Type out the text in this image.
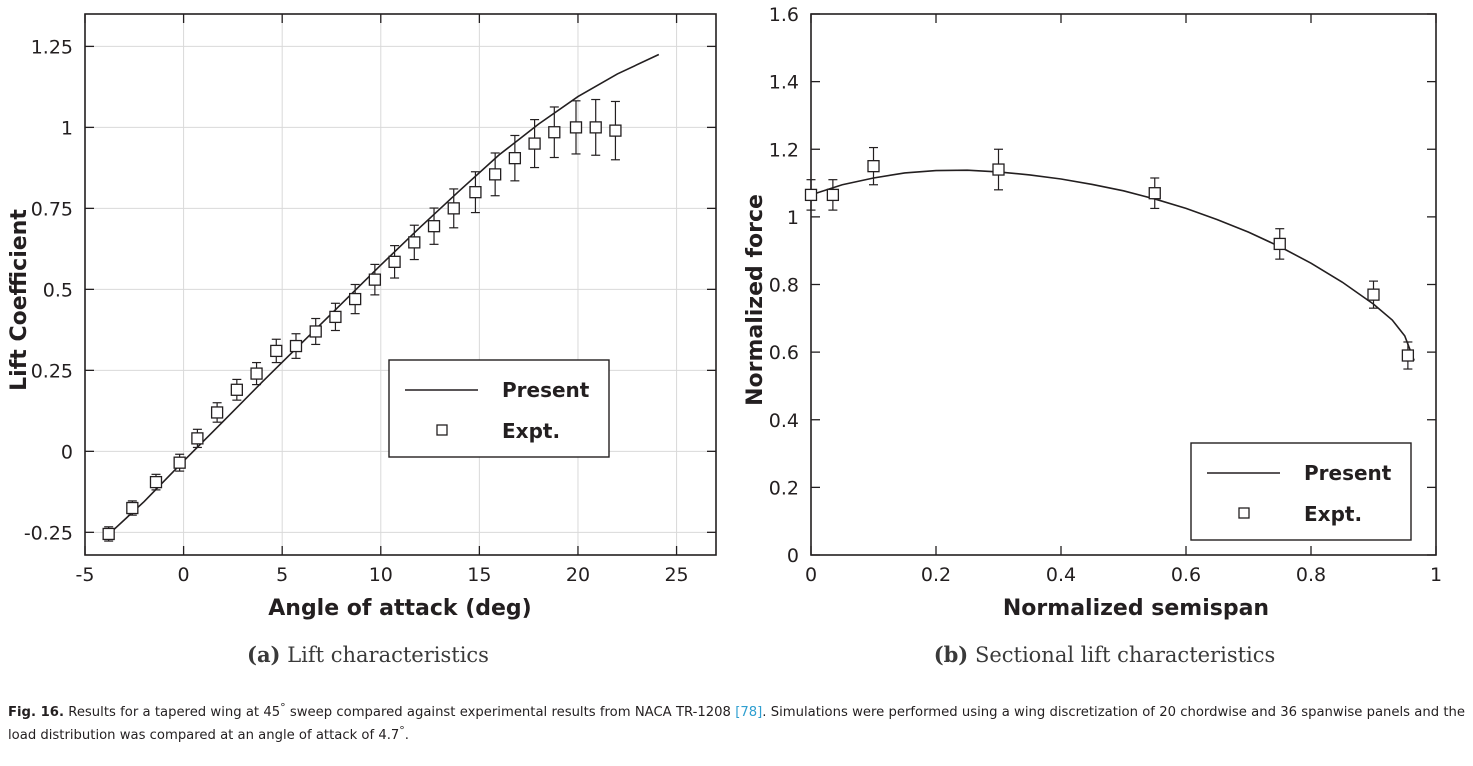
-5	0	5	10	15	20	25
-0.25
0
0.25
0.5
0.75
1
1.25
Angle of attack (deg)
Lift Coefficient	Present
Expt.
(a) Lift characteristics
0	0.2	0.4	0.6	0.8	1
0
0.2
0.4
0.6
0.8
1
1.2
1.4
1.6
Normalized semispan
Normalized force
Present
Expt.
(b) Sectional lift characteristics
Fig. 16. Results for a tapered wing at 45° sweep compared against experimental results from NACA TR-1208 [78]. Simulations were performed using a wing discretization of 20 chordwise and 36 spanwise panels and the load distribution was compared at an angle of attack of 4.7°.
